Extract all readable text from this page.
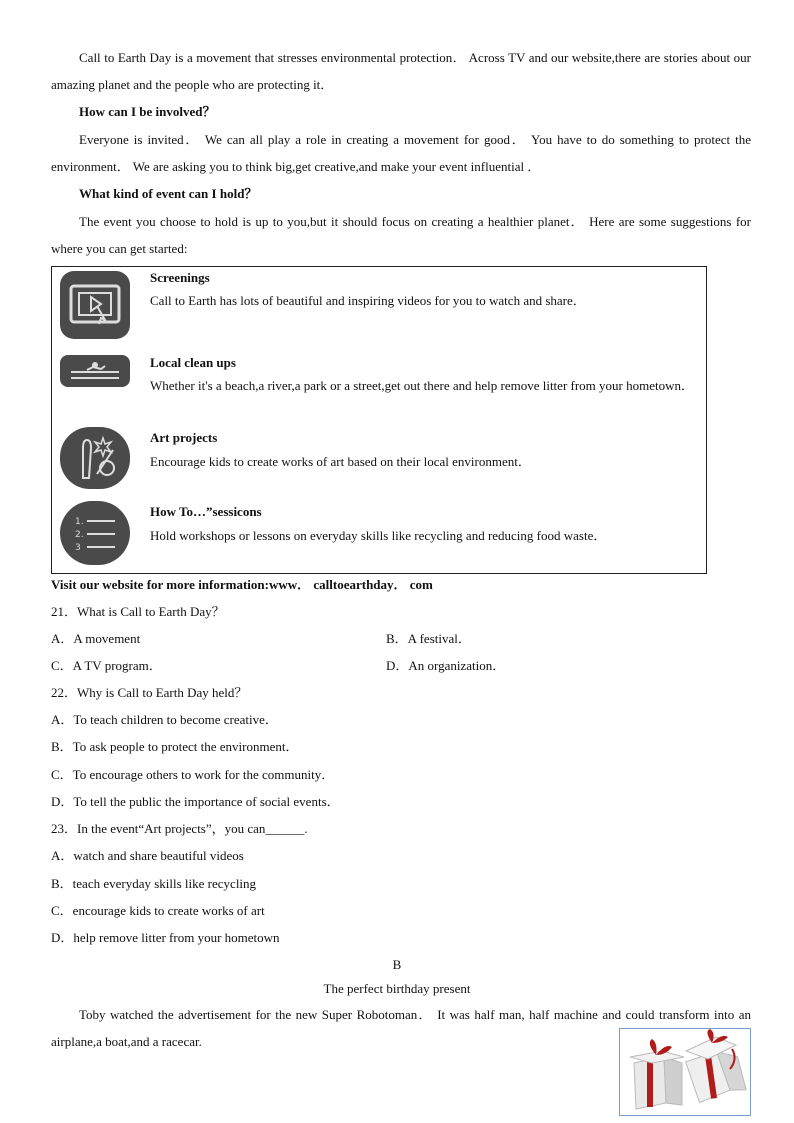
Call to Earth Day is a movement that stresses environmental protection． Across TV and our website,there are stories about our amazing planet and the people who are protecting it．

How can I be involved？

Everyone is invited． We can all play a role in creating a movement for good． You have to do something to protect the environment． We are asking you to think big,get creative,and make your event influential ．

What kind of event can I hold？

The event you choose to hold is up to you,but it should focus on creating a healthier planet． Here are some suggestions for where you can get started:

Screenings
Call to Earth has lots of beautiful and inspiring videos for you to watch and share．
Local clean ups
Whether it's a beach,a river,a park or a street,get out there and help remove litter from your hometown．
Art projects
Encourage kids to create works of art based on their local environment．
1.
2.
3
How To…”sessicons
Hold workshops or lessons on everyday skills like recycling and reducing food waste．

Visit our website for more information:www． calltoearthday． com

21．What is Call to Earth Day？

A．A movement	B．A festival．

C．A TV program．	D．An organization．

22．Why is Call to Earth Day held？

A．To teach children to become creative．

B．To ask people to protect the environment．

C．To encourage others to work for the community．

D．To tell the public the importance of social events．

23．In the event“Art projects”，you can______.

A．watch and share beautiful videos

B．teach everyday skills like recycling

C．encourage kids to create works of art

D．help remove litter from your hometown

B

The perfect birthday present

Toby watched the advertisement for the new Super Robotoman． It was half man, half machine and could transform into an airplane,a boat,and a racecar.
